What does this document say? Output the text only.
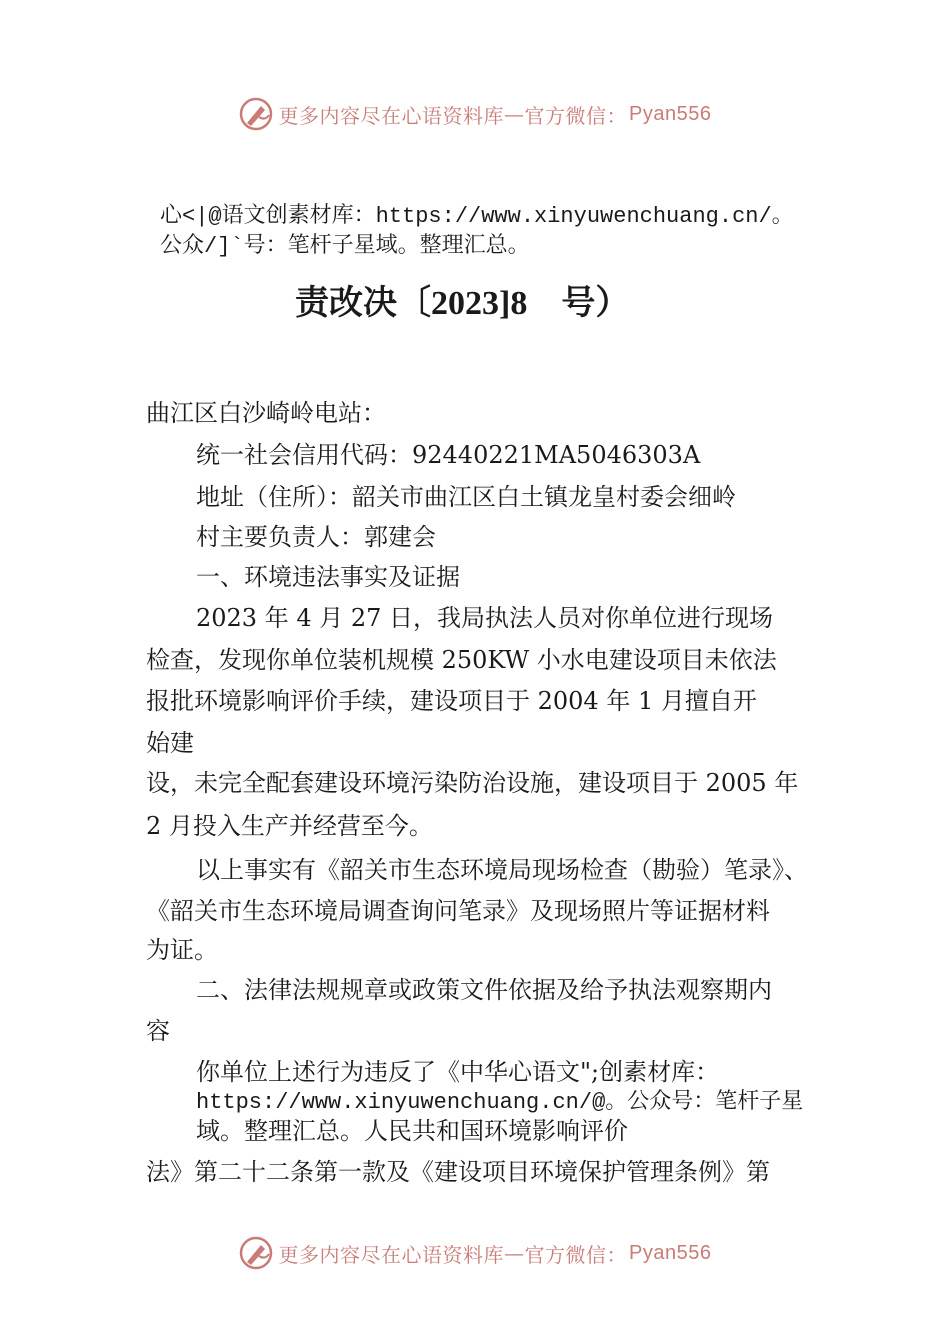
更多内容尽在心语资料库 — 官方微信： Pyan556
心<|@语文创素材库：https://www.xinyuwenchuang.cn/。
公众/]`号：笔杆子星域。整理汇总。
责改决〔2023]8　号）
曲江区白沙崎岭电站：
统一社会信用代码：92440221MA5046303A
地址（住所）：韶关市曲江区白土镇龙皇村委会细岭
村主要负责人：郭建会
一、环境违法事实及证据
2023 年 4 月 27 日，我局执法人员对你单位进行现场
检查，发现你单位装机规模 250KW 小水电建设项目未依法
报批环境影响评价手续，建设项目于 2004 年 1 月擅自开
始建
设，未完全配套建设环境污染防治设施，建设项目于 2005 年
2 月投入生产并经营至今。
以上事实有《韶关市生态环境局现场检查（勘验）笔录》、
《韶关市生态环境局调查询问笔录》及现场照片等证据材料
为证。
二、法律法规规章或政策文件依据及给予执法观察期内
容
你单位上述行为违反了《中华心语文";创素材库：
https://www.xinyuwenchuang.cn/@。公众号：笔杆子星
域。整理汇总。人民共和国环境影响评价
法》第二十二条第一款及《建设项目环境保护管理条例》第
更多内容尽在心语资料库 — 官方微信： Pyan556
